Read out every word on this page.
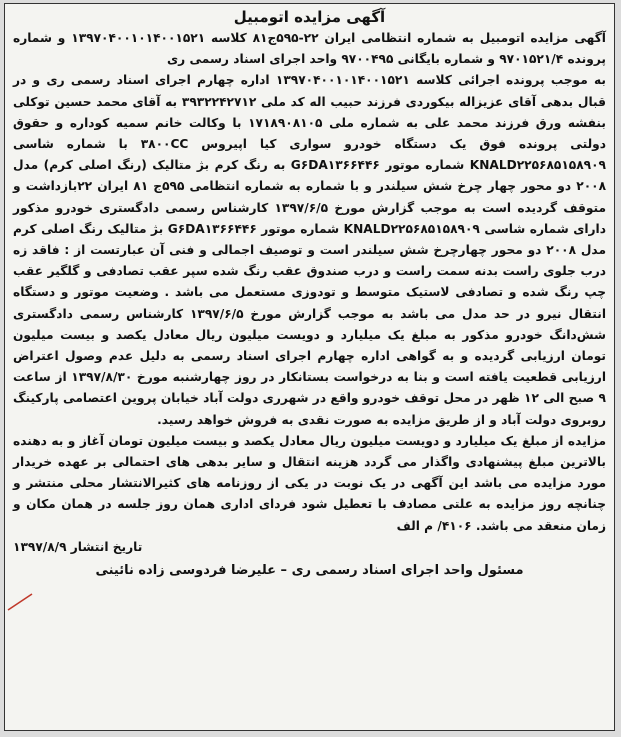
آگهی مزایده اتومبیل

آگهی مزایده اتومبیل به شماره انتظامی ایران ۲۲-۵۹۵ج۸۱ کلاسه ۱۳۹۷۰۴۰۰۱۰۱۴۰۰۱۵۲۱ و شماره پرونده ۹۷۰۱۵۲۱/۴ و شماره بایگانی ۹۷۰۰۴۹۵ واحد اجرای اسناد رسمی ری

به موجب پرونده اجرائی کلاسه ۱۳۹۷۰۴۰۰۱۰۱۴۰۰۱۵۲۱ اداره چهارم اجرای اسناد رسمی ری و در قبال بدهی آقای عزیزاله بیکوردی فرزند حبیب اله کد ملی ۳۹۳۲۲۴۲۷۱۲ به آقای محمد حسین توکلی بنفشه ورق فرزند محمد علی به شماره ملی ۱۷۱۸۹۰۸۱۰۵ با وکالت خانم سمیه کوداره و حقوق دولتی پرونده فوق یک دستگاه خودرو سواری کیا اپیروس ۳۸۰۰CC با شماره شاسی KNALD۲۲۵۶۸۵۱۵۸۹۰۹ شماره موتور G۶DA۱۳۶۶۴۴۶ به رنگ کرم بژ متالیک (رنگ اصلی کرم) مدل ۲۰۰۸ دو محور چهار چرخ شش سیلندر و با شماره به شماره انتظامی ۵۹۵ج ۸۱ ایران ۲۲بازداشت و متوقف گردیده است به موجب گزارش مورخ ۱۳۹۷/۶/۵ کارشناس رسمی دادگستری خودرو مذکور دارای شماره شاسی KNALD۲۲۵۶۸۵۱۵۸۹۰۹ شماره موتور G۶DA۱۳۶۶۴۴۶ بژ متالیک رنگ اصلی کرم مدل ۲۰۰۸ دو محور چهارچرخ شش سیلندر است و توصیف اجمالی و فنی آن عبارتست از : فاقد زه درب جلوی راست بدنه سمت راست و درب صندوق عقب رنگ شده سپر عقب تصادفی و گلگیر عقب چپ رنگ شده و تصادفی لاستیک متوسط و تودوزی مستعمل می باشد . وضعیت موتور و دستگاه انتقال نیرو در حد مدل می باشد به موجب گزارش مورخ ۱۳۹۷/۶/۵ کارشناس رسمی دادگستری شش‌دانگ خودرو مذکور به مبلغ یک میلیارد و دویست میلیون ریال معادل یکصد و بیست میلیون تومان ارزیابی گردیده و به گواهی اداره چهارم اجرای اسناد رسمی به دلیل عدم وصول اعتراض ارزیابی قطعیت یافته است و بنا به درخواست بستانکار در روز چهارشنبه مورخ ۱۳۹۷/۸/۳۰ از ساعت ۹ صبح الی ۱۲ ظهر در محل توقف خودرو واقع در شهرری دولت آباد خیابان پروین اعتصامی پارکینگ روبروی دولت آباد و از طریق مزایده به صورت نقدی به فروش خواهد رسید.

مزایده از مبلغ یک میلیارد و دویست میلیون ریال معادل یکصد و بیست میلیون تومان آغاز و به دهنده بالاترین مبلغ پیشنهادی واگذار می گردد هزینه انتقال و سایر بدهی های احتمالی بر عهده خریدار مورد مزایده می باشد این آگهی در یک نوبت در یکی از روزنامه های کثیرالانتشار محلی منتشر و چنانچه روز مزایده به علتی مصادف با تعطیل شود فردای اداری همان روز جلسه در همان مکان و زمان منعقد می باشد. ۴۱۰۶/ م الف

تاریخ انتشار ۱۳۹۷/۸/۹
مسئول واحد اجرای اسناد رسمی ری – علیرضا فردوسی زاده نائینی
